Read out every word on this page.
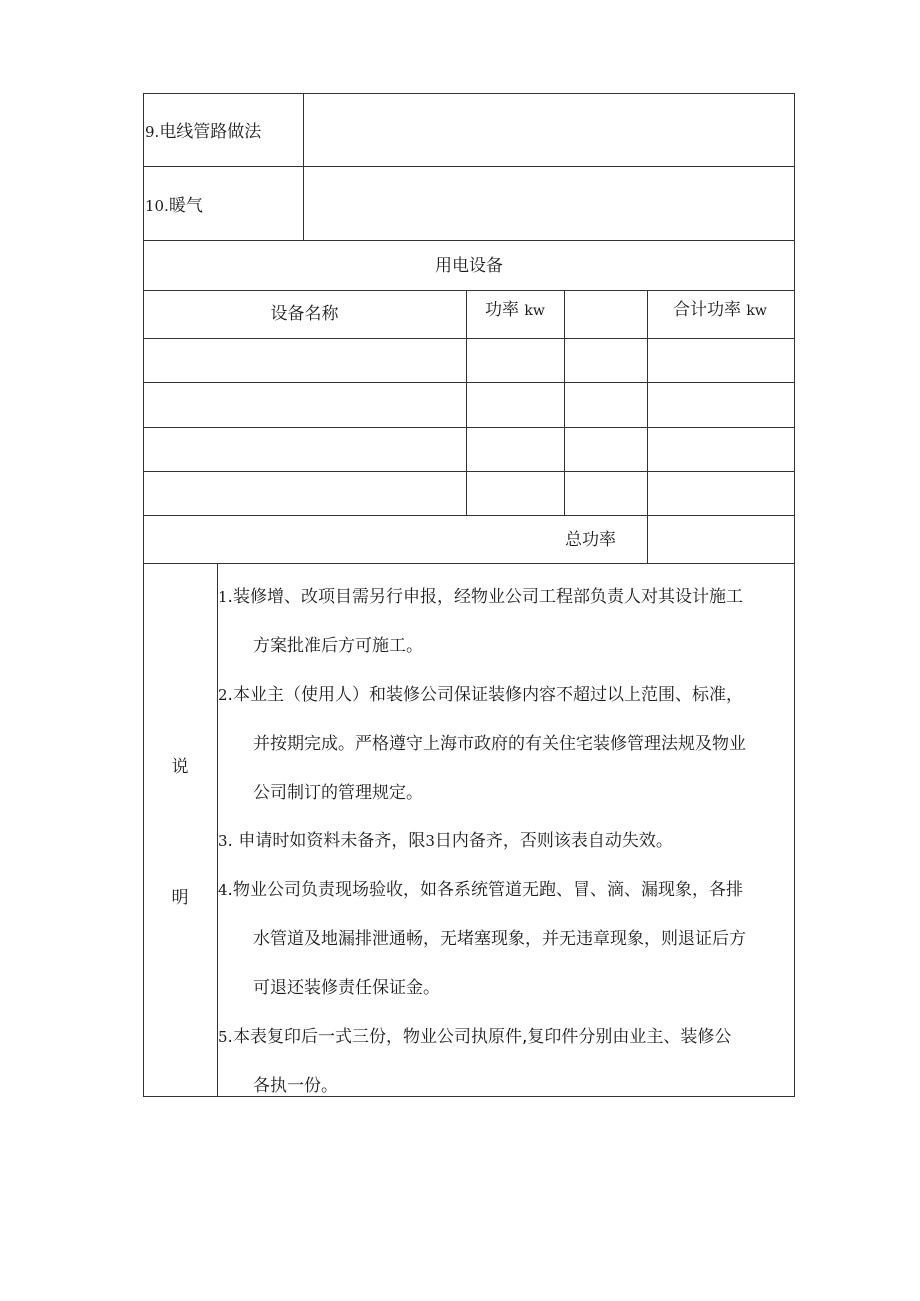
9.电线管路做法
10.暖气
用电设备
设备名称	功率 kw	合计功率 kw
总功率
说
明
1.装修增、改项目需另行申报，经物业公司工程部负责人对其设计施工
方案批准后方可施工。
2.本业主（使用人）和装修公司保证装修内容不超过以上范围、标准，
并按期完成。严格遵守上海市政府的有关住宅装修管理法规及物业
公司制订的管理规定。
3. 申请时如资料未备齐，限3日内备齐，否则该表自动失效。
4.物业公司负责现场验收，如各系统管道无跑、冒、滴、漏现象，各排
水管道及地漏排泄通畅，无堵塞现象，并无违章现象，则退证后方
可退还装修责任保证金。
5.本表复印后一式三份，物业公司执原件,复印件分别由业主、装修公
各执一份。
